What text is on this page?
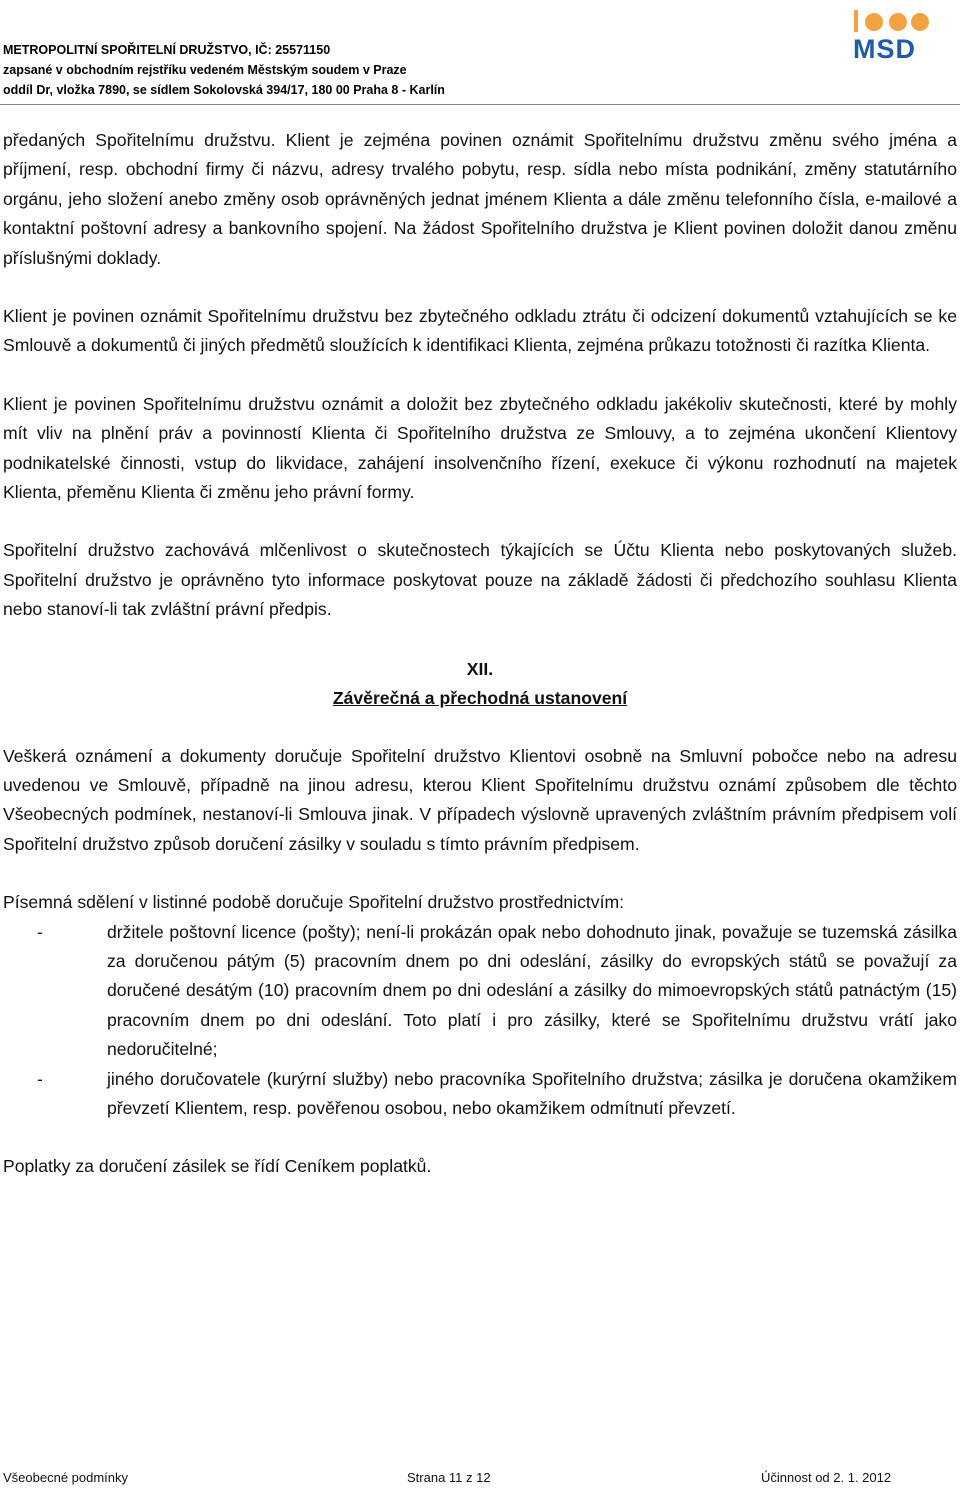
METROPOLITNÍ SPOŘITELNÍ DRUŽSTVO, IČ: 25571150
zapsané v obchodním rejstříku vedeném Městským soudem v Praze
oddíl Dr, vložka 7890, se sídlem Sokolovská 394/17, 180 00 Praha 8 - Karlín
MSD

předaných Spořitelnímu družstvu. Klient je zejména povinen oznámit Spořitelnímu družstvu změnu svého jména a příjmení, resp. obchodní firmy či názvu, adresy trvalého pobytu, resp. sídla nebo místa podnikání, změny statutárního orgánu, jeho složení anebo změny osob oprávněných jednat jménem Klienta a dále změnu telefonního čísla, e-mailové a kontaktní poštovní adresy a bankovního spojení. Na žádost Spořitelního družstva je Klient povinen doložit danou změnu příslušnými doklady.

Klient je povinen oznámit Spořitelnímu družstvu bez zbytečného odkladu ztrátu či odcizení dokumentů vztahujících se ke Smlouvě a dokumentů či jiných předmětů sloužících k identifikaci Klienta, zejména průkazu totožnosti či razítka Klienta.

Klient je povinen Spořitelnímu družstvu oznámit a doložit bez zbytečného odkladu jakékoliv skutečnosti, které by mohly mít vliv na plnění práv a povinností Klienta či Spořitelního družstva ze Smlouvy, a to zejména ukončení Klientovy podnikatelské činnosti, vstup do likvidace, zahájení insolvenčního řízení, exekuce či výkonu rozhodnutí na majetek Klienta, přeměnu Klienta či změnu jeho právní formy.

Spořitelní družstvo zachovává mlčenlivost o skutečnostech týkajících se Účtu Klienta nebo poskytovaných služeb. Spořitelní družstvo je oprávněno tyto informace poskytovat pouze na základě žádosti či předchozího souhlasu Klienta nebo stanoví-li tak zvláštní právní předpis.

XII.
Závěrečná a přechodná ustanovení

Veškerá oznámení a dokumenty doručuje Spořitelní družstvo Klientovi osobně na Smluvní pobočce nebo na adresu uvedenou ve Smlouvě, případně na jinou adresu, kterou Klient Spořitelnímu družstvu oznámí způsobem dle těchto Všeobecných podmínek, nestanoví-li Smlouva jinak. V případech výslovně upravených zvláštním právním předpisem volí Spořitelní družstvo způsob doručení zásilky v souladu s tímto právním předpisem.

Písemná sdělení v listinné podobě doručuje Spořitelní družstvo prostřednictvím:

-	držitele poštovní licence (pošty); není-li prokázán opak nebo dohodnuto jinak, považuje se tuzemská zásilka za doručenou pátým (5) pracovním dnem po dni odeslání, zásilky do evropských států se považují za doručené desátým (10) pracovním dnem po dni odeslání a zásilky do mimoevropských států patnáctým (15) pracovním dnem po dni odeslání. Toto platí i pro zásilky, které se Spořitelnímu družstvu vrátí jako nedoručitelné;
-	jiného doručovatele (kurýrní služby) nebo pracovníka Spořitelního družstva; zásilka je doručena okamžikem převzetí Klientem, resp. pověřenou osobou, nebo okamžikem odmítnutí převzetí.

Poplatky za doručení zásilek se řídí Ceníkem poplatků.

Všeobecné podmínky	Strana 11 z 12	Účinnost od 2. 1. 2012
